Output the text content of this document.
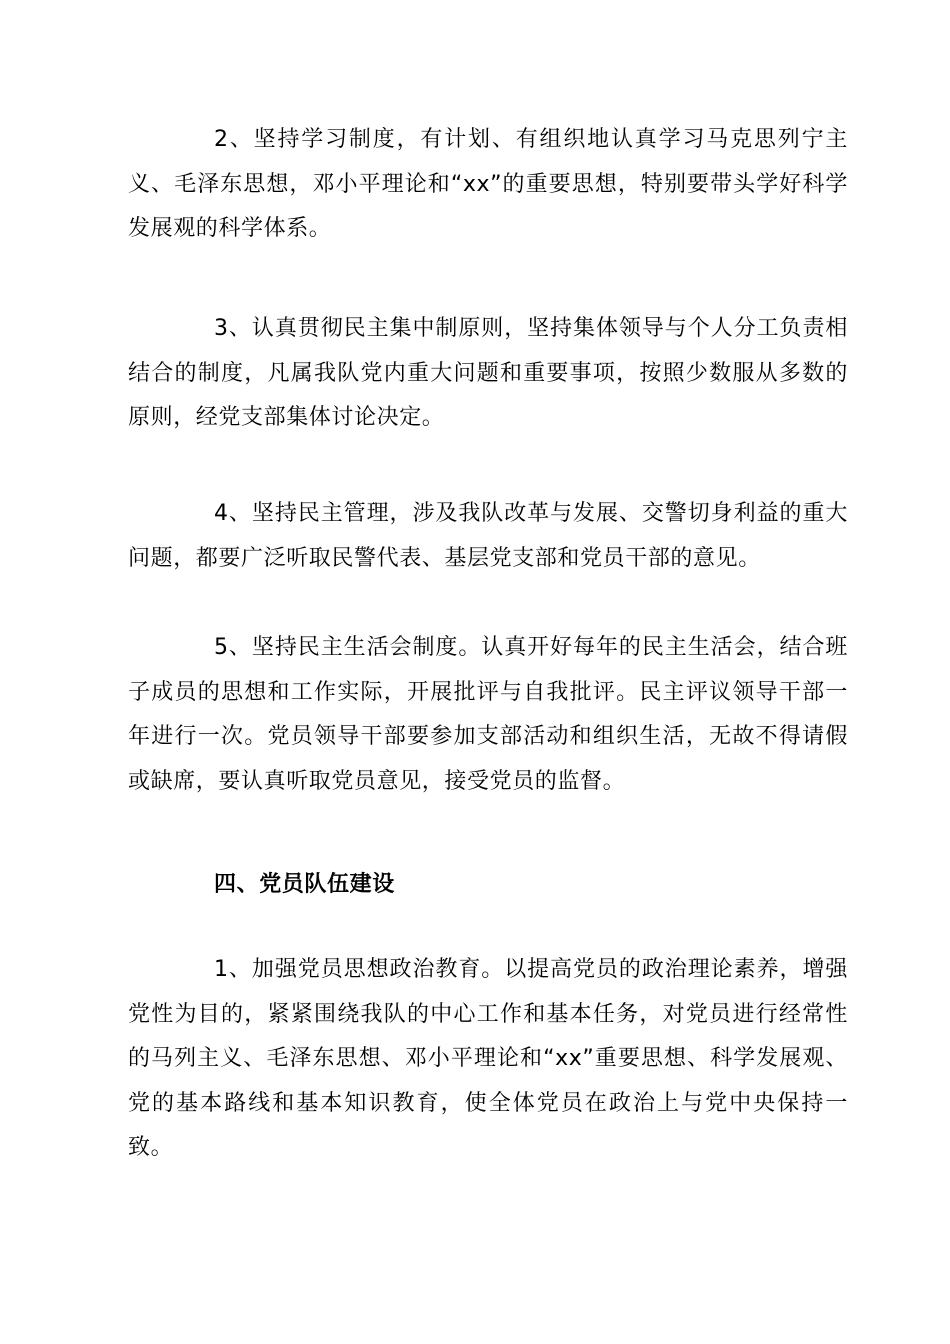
2、坚持学习制度，有计划、有组织地认真学习马克思列宁主义、毛泽东思想，邓小平理论和“xx”的重要思想，特别要带头学好科学发展观的科学体系。

3、认真贯彻民主集中制原则，坚持集体领导与个人分工负责相结合的制度，凡属我队党内重大问题和重要事项，按照少数服从多数的原则，经党支部集体讨论决定。

4、坚持民主管理，涉及我队改革与发展、交警切身利益的重大问题，都要广泛听取民警代表、基层党支部和党员干部的意见。

5、坚持民主生活会制度。认真开好每年的民主生活会，结合班子成员的思想和工作实际，开展批评与自我批评。民主评议领导干部一年进行一次。党员领导干部要参加支部活动和组织生活，无故不得请假或缺席，要认真听取党员意见，接受党员的监督。

四、党员队伍建设

1、加强党员思想政治教育。以提高党员的政治理论素养，增强党性为目的，紧紧围绕我队的中心工作和基本任务，对党员进行经常性的马列主义、毛泽东思想、邓小平理论和“xx”重要思想、科学发展观、党的基本路线和基本知识教育，使全体党员在政治上与党中央保持一致。
